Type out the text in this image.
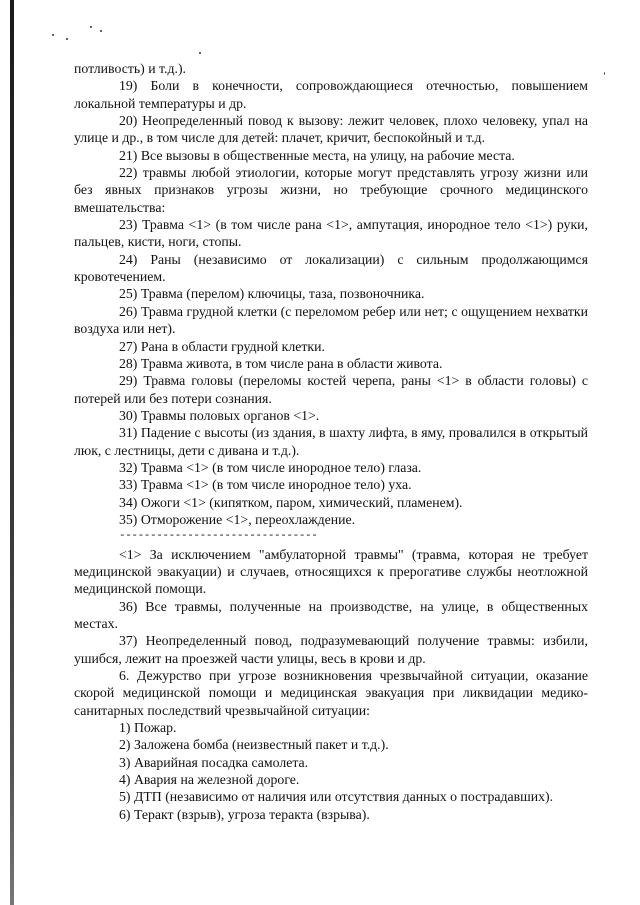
потливость) и т.д.).

19) Боли в конечности, сопровождающиеся отечностью, повышением локальной температуры и др.

20) Неопределенный повод к вызову: лежит человек, плохо человеку, упал на улице и др., в том числе для детей: плачет, кричит, беспокойный и т.д.

21) Все вызовы в общественные места, на улицу, на рабочие места.

22) травмы любой этиологии, которые могут представлять угрозу жизни или без явных признаков угрозы жизни, но требующие срочного медицинского вмешательства:

23) Травма <1> (в том числе рана <1>, ампутация, инородное тело <1>) руки, пальцев, кисти, ноги, стопы.

24) Раны (независимо от локализации) с сильным продолжающимся кровотечением.

25) Травма (перелом) ключицы, таза, позвоночника.

26) Травма грудной клетки (с переломом ребер или нет; с ощущением нехватки воздуха или нет).

27) Рана в области грудной клетки.

28) Травма живота, в том числе рана в области живота.

29) Травма головы (переломы костей черепа, раны <1> в области головы) с потерей или без потери сознания.

30) Травмы половых органов <1>.

31) Падение с высоты (из здания, в шахту лифта, в яму, провалился в открытый люк, с лестницы, дети с дивана и т.д.).

32) Травма <1> (в том числе инородное тело) глаза.

33) Травма <1> (в том числе инородное тело) уха.

34) Ожоги <1> (кипятком, паром, химический, пламенем).

35) Отморожение <1>, переохлаждение.

--------------------------------

<1> За исключением "амбулаторной травмы" (травма, которая не требует медицинской эвакуации) и случаев, относящихся к прерогативе службы неотложной медицинской помощи.

36) Все травмы, полученные на производстве, на улице, в общественных местах.

37) Неопределенный повод, подразумевающий получение травмы: избили, ушибся, лежит на проезжей части улицы, весь в крови и др.

6. Дежурство при угрозе возникновения чрезвычайной ситуации, оказание скорой медицинской помощи и медицинская эвакуация при ликвидации медико-санитарных последствий чрезвычайной ситуации:

1) Пожар.

2) Заложена бомба (неизвестный пакет и т.д.).

3) Аварийная посадка самолета.

4) Авария на железной дороге.

5) ДТП (независимо от наличия или отсутствия данных о пострадавших).

6) Теракт (взрыв), угроза теракта (взрыва).
